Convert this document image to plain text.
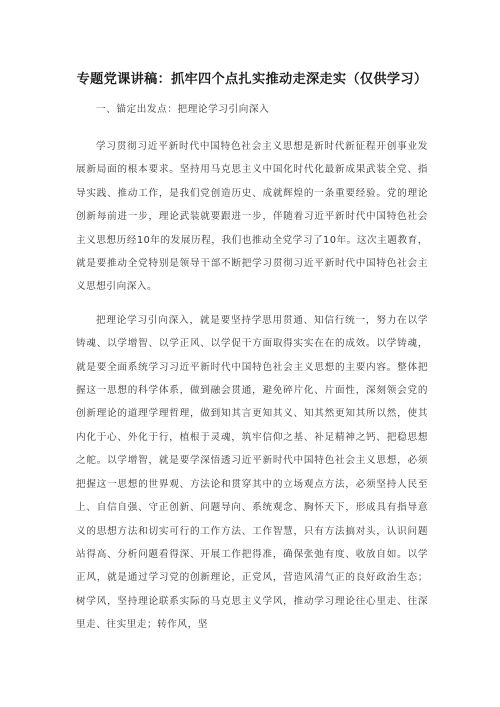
专题党课讲稿：抓牢四个点扎实推动走深走实（仅供学习）

一、锚定出发点：把理论学习引向深入

学习贯彻习近平新时代中国特色社会主义思想是新时代新征程开创事业发展新局面的根本要求。坚持用马克思主义中国化时代化最新成果武装全党、指导实践、推动工作，是我们党创造历史、成就辉煌的一条重要经验。党的理论创新每前进一步，理论武装就要跟进一步，伴随着习近平新时代中国特色社会主义思想历经10年的发展历程，我们也推动全党学习了10年。这次主题教育，就是要推动全党特别是领导干部不断把学习贯彻习近平新时代中国特色社会主义思想引向深入。

把理论学习引向深入，就是要坚持学思用贯通、知信行统一，努力在以学铸魂、以学增智、以学正风、以学促干方面取得实实在在的成效。以学铸魂，就是要全面系统学习习近平新时代中国特色社会主义思想的主要内容。整体把握这一思想的科学体系，做到融会贯通，避免碎片化、片面性，深刻领会党的创新理论的道理学理哲理，做到知其言更知其义、知其然更知其所以然，使其内化于心、外化于行，植根于灵魂，筑牢信仰之基、补足精神之钙、把稳思想之舵。以学增智，就是要学深悟透习近平新时代中国特色社会主义思想，必须把握这一思想的世界观、方法论和贯穿其中的立场观点方法，必须坚持人民至上、自信自强、守正创新、问题导向、系统观念、胸怀天下，形成具有指导意义的思想方法和切实可行的工作方法、工作智慧，只有方法搞对头，认识问题站得高、分析问题看得深、开展工作把得准，确保张弛有度、收放自如。以学正风，就是通过学习党的创新理论，正党风，营造风清气正的良好政治生态；树学风，坚持理论联系实际的马克思主义学风，推动学习理论往心里走、往深里走、往实里走；转作风，坚
